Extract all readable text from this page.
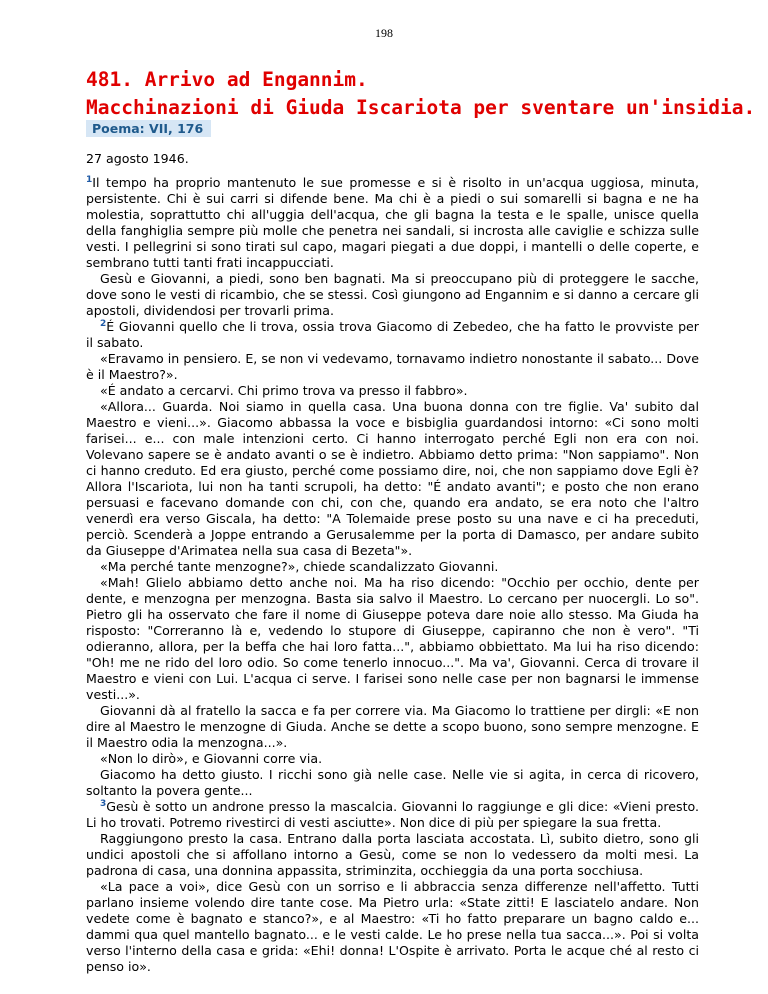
198
481. Arrivo ad Engannim.
Macchinazioni di Giuda Iscariota per sventare un'insidia.
Poema: VII, 176
27 agosto 1946.

$^1$Il tempo ha proprio mantenuto le sue promesse e si è risolto in un'acqua uggiosa, minuta, persistente. Chi è sui carri si difende bene. Ma chi è a piedi o sui somarelli si bagna e ne ha molestia, soprattutto chi all'uggia dell'acqua, che gli bagna la testa e le spalle, unisce quella della fanghiglia sempre più molle che penetra nei sandali, si incrosta alle caviglie e schizza sulle vesti. I pellegrini si sono tirati sul capo, magari piegati a due doppi, i mantelli o delle coperte, e sembrano tutti tanti frati incappucciati.

Gesù e Giovanni, a piedi, sono ben bagnati. Ma si preoccupano più di proteggere le sacche, dove sono le vesti di ricambio, che se stessi. Così giungono ad Engannim e si danno a cercare gli apostoli, dividendosi per trovarli prima.

$^2$É Giovanni quello che li trova, ossia trova Giacomo di Zebedeo, che ha fatto le provviste per il sabato.

«Eravamo in pensiero. E, se non vi vedevamo, tornavamo indietro nonostante il sabato... Dove è il Maestro?».

«É andato a cercarvi. Chi primo trova va presso il fabbro».

«Allora... Guarda. Noi siamo in quella casa. Una buona donna con tre figlie. Va' subito dal Maestro e vieni...». Giacomo abbassa la voce e bisbiglia guardandosi intorno: «Ci sono molti farisei... e... con male intenzioni certo. Ci hanno interrogato perché Egli non era con noi. Volevano sapere se è andato avanti o se è indietro. Abbiamo detto prima: "Non sappiamo". Non ci hanno creduto. Ed era giusto, perché come possiamo dire, noi, che non sappiamo dove Egli è? Allora l'Iscariota, lui non ha tanti scrupoli, ha detto: "É andato avanti"; e posto che non erano persuasi e facevano domande con chi, con che, quando era andato, se era noto che l'altro venerdì era verso Giscala, ha detto: "A Tolemaide prese posto su una nave e ci ha preceduti, perciò. Scenderà a Joppe entrando a Gerusalemme per la porta di Damasco, per andare subito da Giuseppe d'Arimatea nella sua casa di Bezeta"».

«Ma perché tante menzogne?», chiede scandalizzato Giovanni.

«Mah! Glielo abbiamo detto anche noi. Ma ha riso dicendo: "Occhio per occhio, dente per dente, e menzogna per menzogna. Basta sia salvo il Maestro. Lo cercano per nuocergli. Lo so". Pietro gli ha osservato che fare il nome di Giuseppe poteva dare noie allo stesso. Ma Giuda ha risposto: "Correranno là e, vedendo lo stupore di Giuseppe, capiranno che non è vero". "Ti odieranno, allora, per la beffa che hai loro fatta...", abbiamo obbiettato. Ma lui ha riso dicendo: "Oh! me ne rido del loro odio. So come tenerlo innocuo...". Ma va', Giovanni. Cerca di trovare il Maestro e vieni con Lui. L'acqua ci serve. I farisei sono nelle case per non bagnarsi le immense vesti...».

Giovanni dà al fratello la sacca e fa per correre via. Ma Giacomo lo trattiene per dirgli: «E non dire al Maestro le menzogne di Giuda. Anche se dette a scopo buono, sono sempre menzogne. E il Maestro odia la menzogna...».

«Non lo dirò», e Giovanni corre via.

Giacomo ha detto giusto. I ricchi sono già nelle case. Nelle vie si agita, in cerca di ricovero, soltanto la povera gente...

$^3$Gesù è sotto un androne presso la mascalcia. Giovanni lo raggiunge e gli dice: «Vieni presto. Li ho trovati. Potremo rivestirci di vesti asciutte». Non dice di più per spiegare la sua fretta.

Raggiungono presto la casa. Entrano dalla porta lasciata accostata. Lì, subito dietro, sono gli undici apostoli che si affollano intorno a Gesù, come se non lo vedessero da molti mesi. La padrona di casa, una donnina appassita, striminzita, occhieggia da una porta socchiusa.

«La pace a voi», dice Gesù con un sorriso e li abbraccia senza differenze nell'affetto. Tutti parlano insieme volendo dire tante cose. Ma Pietro urla: «State zitti! E lasciatelo andare. Non vedete come è bagnato e stanco?», e al Maestro: «Ti ho fatto preparare un bagno caldo e... dammi qua quel mantello bagnato... e le vesti calde. Le ho prese nella tua sacca...». Poi si volta verso l'interno della casa e grida: «Ehi! donna! L'Ospite è arrivato. Porta le acque ché al resto ci penso io».
